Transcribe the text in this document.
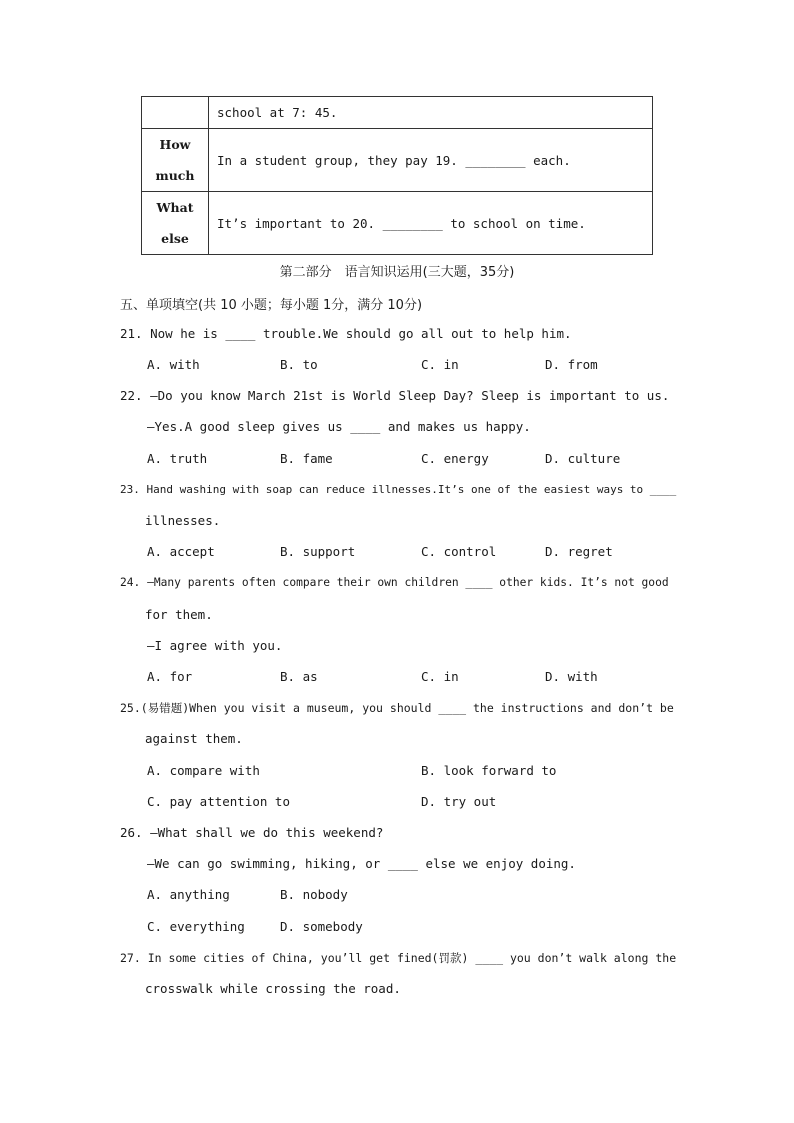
	school at 7: 45.
How
much	In a student group, they pay 19. ________ each.
What
else	It’s important to 20. ________ to school on time.
第二部分　语言知识运用(三大题，35分)
五、单项填空(共 10 小题；每小题 1分，满分 10分)
21. Now he is ____ trouble.We should go all out to help him.
A. with	B. to	C. in	D. from
22. —Do you know March 21st is World Sleep Day? Sleep is important to us.
—Yes.A good sleep gives us ____ and makes us happy.
A. truth	B. fame	C. energy	D. culture
23. Hand washing with soap can reduce illnesses.It’s one of the easiest ways to ____
illnesses.
A. accept	B. support	C. control	D. regret
24. —Many parents often compare their own children ____ other kids. It’s not good
for them.
—I agree with you.
A. for	B. as	C. in	D. with
25.(易错题)When you visit a museum, you should ____ the instructions and don’t be
against them.
A. compare with	B. look forward to
C. pay attention to	D. try out
26. —What shall we do this weekend?
—We can go swimming, hiking, or ____ else we enjoy doing.
A. anything	B. nobody
C. everything	D. somebody
27. In some cities of China, you’ll get fined(罚款) ____ you don’t walk along the
crosswalk while crossing the road.
